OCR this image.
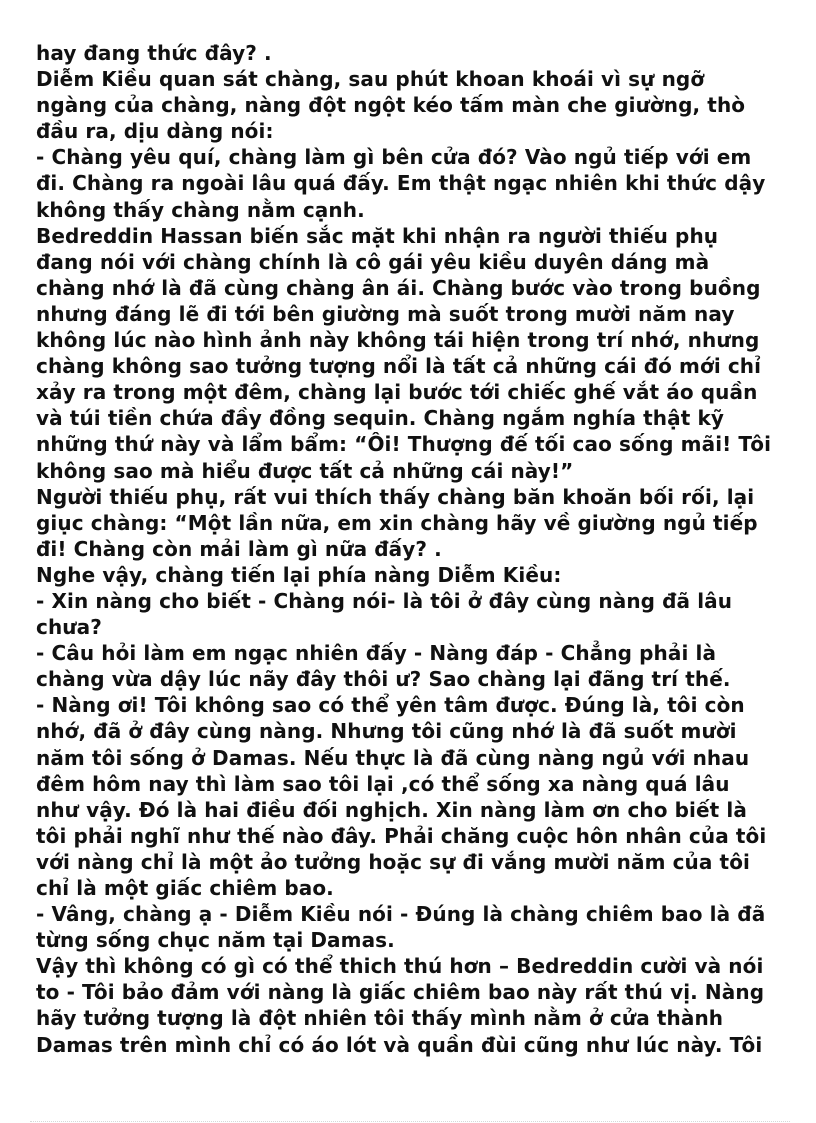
hay đang thức đây? .
Diễm Kiều quan sát chàng, sau phút khoan khoái vì sự ngỡ
ngàng của chàng, nàng đột ngột kéo tấm màn che giường, thò
đầu ra, dịu dàng nói:
- Chàng yêu quí, chàng làm gì bên cửa đó? Vào ngủ tiếp với em
đi. Chàng ra ngoài lâu quá đấy. Em thật ngạc nhiên khi thức dậy
không thấy chàng nằm cạnh.
Bedreddin Hassan biến sắc mặt khi nhận ra người thiếu phụ
đang nói với chàng chính là cô gái yêu kiều duyên dáng mà
chàng nhớ là đã cùng chàng ân ái. Chàng bước vào trong buồng
nhưng đáng lẽ đi tới bên giường mà suốt trong mười năm nay
không lúc nào hình ảnh này không tái hiện trong trí nhớ, nhưng
chàng không sao tưởng tượng nổi là tất cả những cái đó mới chỉ
xảy ra trong một đêm, chàng lại bước tới chiếc ghế vắt áo quần
và túi tiền chứa đầy đồng sequin. Chàng ngắm nghía thật kỹ
những thứ này và lẩm bẩm: “Ôi! Thượng đế tối cao sống mãi! Tôi
không sao mà hiểu được tất cả những cái này!”
Người thiếu phụ, rất vui thích thấy chàng băn khoăn bối rối, lại
giục chàng: “Một lần nữa, em xin chàng hãy về giường ngủ tiếp
đi! Chàng còn mải làm gì nữa đấy? .
Nghe vậy, chàng tiến lại phía nàng Diễm Kiều:
- Xin nàng cho biết - Chàng nói- là tôi ở đây cùng nàng đã lâu
chưa?
- Câu hỏi làm em ngạc nhiên đấy - Nàng đáp - Chẳng phải là
chàng vừa dậy lúc nãy đây thôi ư? Sao chàng lại đãng trí thế.
- Nàng ơi! Tôi không sao có thể yên tâm được. Đúng là, tôi còn
nhớ, đã ở đây cùng nàng. Nhưng tôi cũng nhớ là đã suốt mười
năm tôi sống ở Damas. Nếu thực là đã cùng nàng ngủ với nhau
đêm hôm nay thì làm sao tôi lại ,có thể sống xa nàng quá lâu
như vậy. Đó là hai điều đối nghịch. Xin nàng làm ơn cho biết là
tôi phải nghĩ như thế nào đây. Phải chăng cuộc hôn nhân của tôi
với nàng chỉ là một ảo tưởng hoặc sự đi vắng mười năm của tôi
chỉ là một giấc chiêm bao.
- Vâng, chàng ạ - Diễm Kiều nói - Đúng là chàng chiêm bao là đã
từng sống chục năm tại Damas.
Vậy thì không có gì có thể thich thú hơn – Bedreddin cười và nói
to - Tôi bảo đảm với nàng là giấc chiêm bao này rất thú vị. Nàng
hãy tưởng tượng là đột nhiên tôi thấy mình nằm ở cửa thành
Damas trên mình chỉ có áo lót và quần đùi cũng như lúc này. Tôi
